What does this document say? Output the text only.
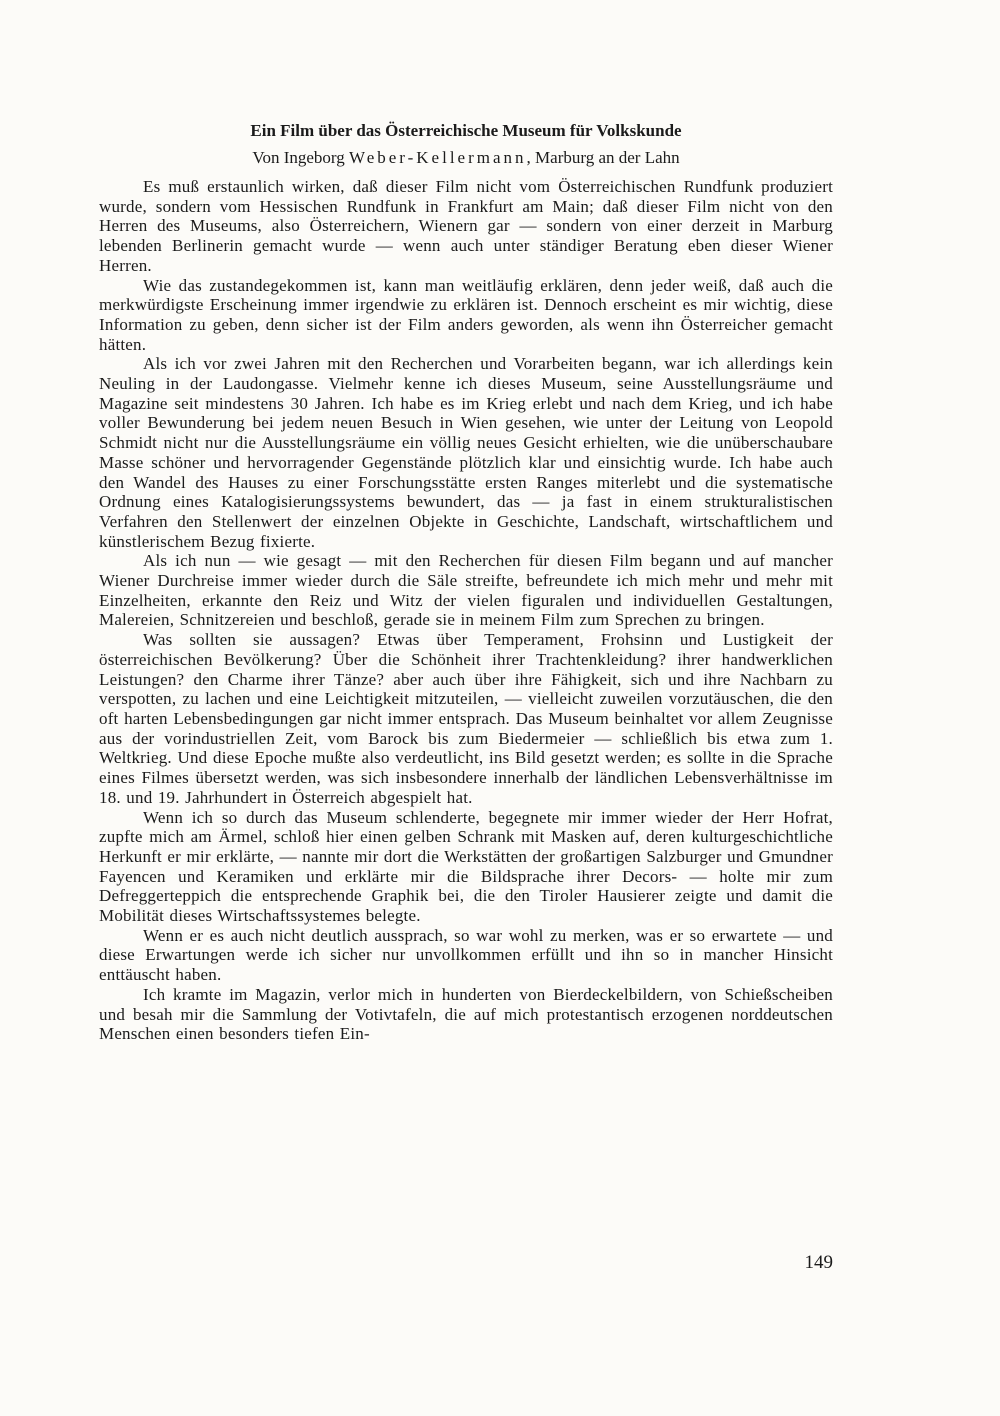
Ein Film über das Österreichische Museum für Volkskunde
Von Ingeborg Weber-Kellermann, Marburg an der Lahn

Es muß erstaunlich wirken, daß dieser Film nicht vom Österreichischen Rundfunk produziert wurde, sondern vom Hessischen Rundfunk in Frankfurt am Main; daß dieser Film nicht von den Herren des Museums, also Österreichern, Wienern gar — sondern von einer derzeit in Marburg lebenden Berlinerin gemacht wurde — wenn auch unter ständiger Beratung eben dieser Wiener Herren.

Wie das zustandegekommen ist, kann man weitläufig erklären, denn jeder weiß, daß auch die merkwürdigste Erscheinung immer irgendwie zu erklären ist. Dennoch erscheint es mir wichtig, diese Information zu geben, denn sicher ist der Film anders geworden, als wenn ihn Österreicher gemacht hätten.

Als ich vor zwei Jahren mit den Recherchen und Vorarbeiten begann, war ich allerdings kein Neuling in der Laudongasse. Vielmehr kenne ich dieses Museum, seine Ausstellungsräume und Magazine seit mindestens 30 Jahren. Ich habe es im Krieg erlebt und nach dem Krieg, und ich habe voller Bewunderung bei jedem neuen Besuch in Wien gesehen, wie unter der Leitung von Leopold Schmidt nicht nur die Ausstellungsräume ein völlig neues Gesicht erhielten, wie die unüberschaubare Masse schöner und hervorragender Gegenstände plötzlich klar und einsichtig wurde. Ich habe auch den Wandel des Hauses zu einer Forschungsstätte ersten Ranges miterlebt und die systematische Ordnung eines Katalogisierungssystems bewundert, das — ja fast in einem strukturalistischen Verfahren den Stellenwert der einzelnen Objekte in Geschichte, Landschaft, wirtschaftlichem und künstlerischem Bezug fixierte.

Als ich nun — wie gesagt — mit den Recherchen für diesen Film begann und auf mancher Wiener Durchreise immer wieder durch die Säle streifte, befreundete ich mich mehr und mehr mit Einzelheiten, erkannte den Reiz und Witz der vielen figuralen und individuellen Gestaltungen, Malereien, Schnitzereien und beschloß, gerade sie in meinem Film zum Sprechen zu bringen.

Was sollten sie aussagen? Etwas über Temperament, Frohsinn und Lustigkeit der österreichischen Bevölkerung? Über die Schönheit ihrer Trachtenkleidung? ihrer handwerklichen Leistungen? den Charme ihrer Tänze? aber auch über ihre Fähigkeit, sich und ihre Nachbarn zu verspotten, zu lachen und eine Leichtigkeit mitzuteilen, — vielleicht zuweilen vorzutäuschen, die den oft harten Lebensbedingungen gar nicht immer entsprach. Das Museum beinhaltet vor allem Zeugnisse aus der vorindustriellen Zeit, vom Barock bis zum Biedermeier — schließlich bis etwa zum 1. Weltkrieg. Und diese Epoche mußte also verdeutlicht, ins Bild gesetzt werden; es sollte in die Sprache eines Filmes übersetzt werden, was sich insbesondere innerhalb der ländlichen Lebensverhältnisse im 18. und 19. Jahrhundert in Österreich abgespielt hat.

Wenn ich so durch das Museum schlenderte, begegnete mir immer wieder der Herr Hofrat, zupfte mich am Ärmel, schloß hier einen gelben Schrank mit Masken auf, deren kulturgeschichtliche Herkunft er mir erklärte, — nannte mir dort die Werkstätten der großartigen Salzburger und Gmundner Fayencen und Keramiken und erklärte mir die Bildsprache ihrer Decors- — holte mir zum Defreggerteppich die entsprechende Graphik bei, die den Tiroler Hausierer zeigte und damit die Mobilität dieses Wirtschaftssystemes belegte.

Wenn er es auch nicht deutlich aussprach, so war wohl zu merken, was er so erwartete — und diese Erwartungen werde ich sicher nur unvollkommen erfüllt und ihn so in mancher Hinsicht enttäuscht haben.

Ich kramte im Magazin, verlor mich in hunderten von Bierdeckelbildern, von Schießscheiben und besah mir die Sammlung der Votivtafeln, die auf mich protestantisch erzogenen norddeutschen Menschen einen besonders tiefen Ein-

149
